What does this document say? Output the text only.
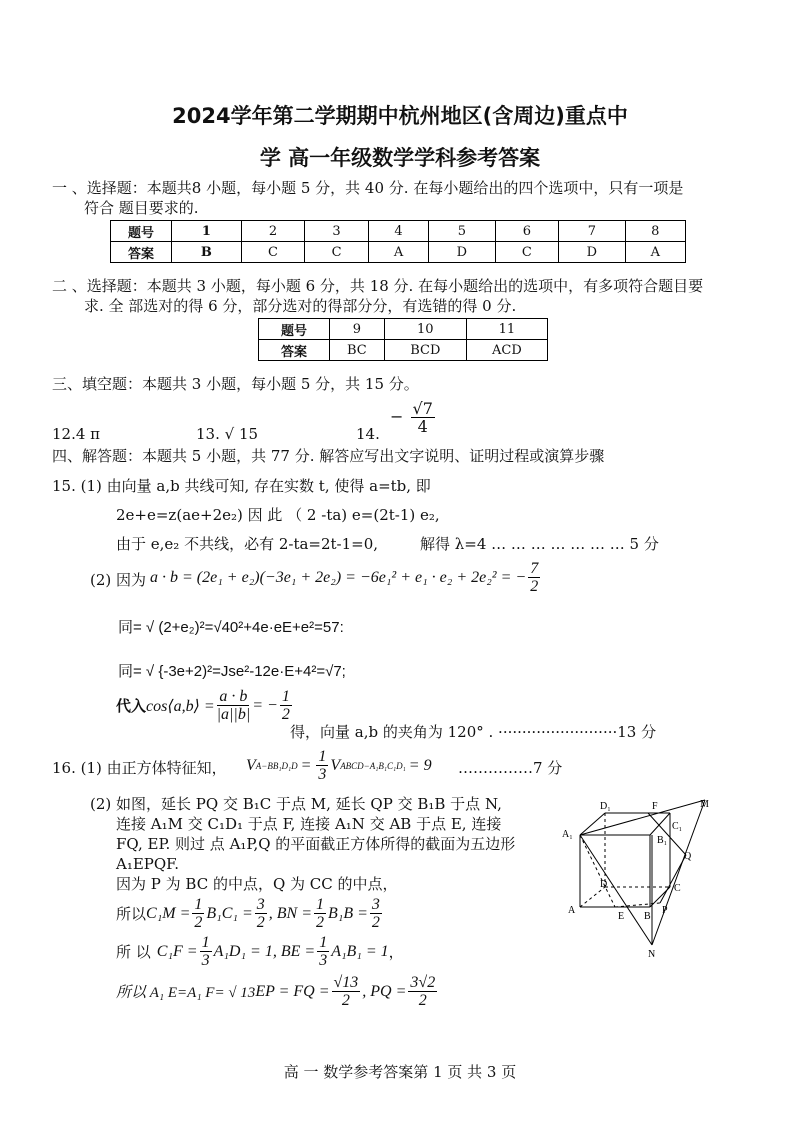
2024学年第二学期期中杭州地区(含周边)重点中
学 高一年级数学学科参考答案
一 、选择题：本题共8 小题，每小题 5 分，共 40 分. 在每小题给出的四个选项中，只有一项是
符合 题目要求的.
题号	1	2	3	4	5	6	7	8
答案	B	C	C	A	D	C	D	A
二 、选择题：本题共 3 小题，每小题 6 分，共 18 分. 在每小题给出的选项中，有多项符合题目要
求. 全 部选对的得 6 分，部分选对的得部分分，有选错的得 0 分.
题号	9	10	11
答案	BC	BCD	ACD
三、填空题：本题共 3 小题，每小题 5 分，共 15 分。
12.4 π	13. √ 15	14.
− $\frac{√7}{4}$
四、解答题：本题共 5 小题，共 77 分. 解答应写出文字说明、证明过程或演算步骤
15. (1) 由向量 a,b 共线可知, 存在实数 t, 使得 a=tb, 即
2e+e=z(ae+2e₂) 因 此 （ 2 -ta) e=(2t-1) e₂,
由于 e,e₂ 不共线，必有 2-ta=2t-1=0,	解得 λ=4 … … … … … … … 5 分
(2) 因为 a · b = (2e₁ + e₂)(−3e₁ + 2e₂) = −6e₁² + e₁ · e₂ + 2e₂² = − $\frac{7}{2}$
同= √ (2+e₂)²=√40²+4e·eE+e²=57:
同= √ {-3e+2)²=Jse²-12e·E+4²=√7;
代入 cos⟨a,b⟩ = $\frac{a \cdot b}{|a||b|}$ = − $\frac{1}{2}$
得，向量 a,b 的夹角为 120° . ·························13 分
16. (1) 由正方体特征知， V $A-BB_1D_1D = \frac{1}{3}$ V ABCD−A₁B₁C₁D₁ = 9 ……………7 分
(2) 如图，延长 PQ 交 B₁C 于点 M, 延长 QP 交 B₁B 于点 N,
连接 A₁M 交 C₁D₁ 于点 F, 连接 A₁N 交 AB 于点 E, 连接
FQ, EP. 则过 点 A₁P,Q 的平面截正方体所得的截面为五边形
A₁EPQF.
因为 P 为 BC 的中点，Q 为 CC 的中点，
所以 $C_1M = \frac{1}{2} B_1C_1 = \frac{3}{2}$ , BN = $\frac{1}{2} B_1B = \frac{3}{2}$
所 以 $C_1F = \frac{1}{3} A_1D_1 = 1$, BE = $\frac{1}{3} A_1B_1 = 1$ ，
所以 A₁ E=A₁ F= √ 13 EP = FQ = $\frac{√13}{2}$ , PQ = $\frac{3√2}{2}$
D₁	F	M
C₁
A₁
B₁
Q
D	C
A
E B
P
N
高 一 数学参考答案第 1 页 共 3 页
